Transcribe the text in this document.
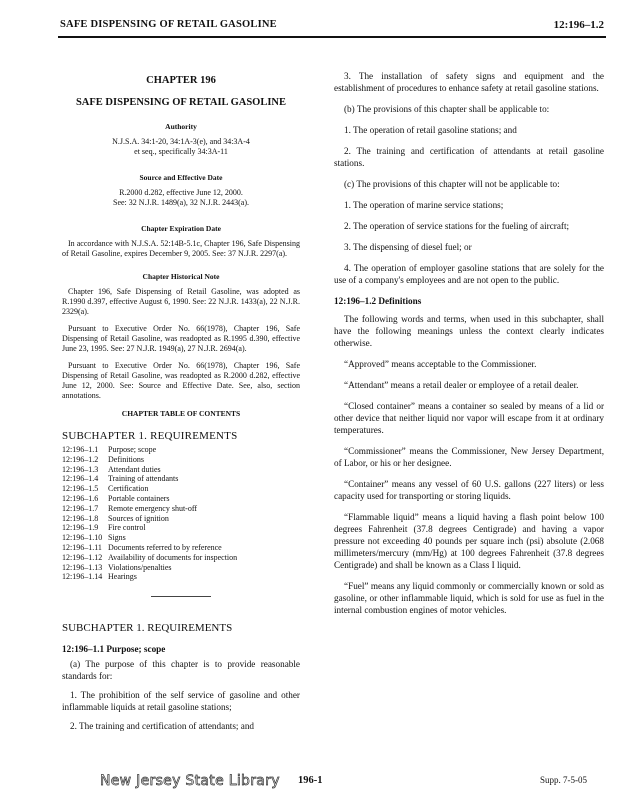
SAFE DISPENSING OF RETAIL GASOLINE	12:196–1.2
CHAPTER 196
SAFE DISPENSING OF RETAIL GASOLINE
Authority
N.J.S.A. 34:1-20, 34:1A-3(e), and 34:3A-4
et seq., specifically 34:3A-11
Source and Effective Date
R.2000 d.282, effective June 12, 2000.
See: 32 N.J.R. 1489(a), 32 N.J.R. 2443(a).
Chapter Expiration Date

In accordance with N.J.S.A. 52:14B-5.1c, Chapter 196, Safe Dispensing of Retail Gasoline, expires December 9, 2005. See: 37 N.J.R. 2297(a).

Chapter Historical Note

Chapter 196, Safe Dispensing of Retail Gasoline, was adopted as R.1990 d.397, effective August 6, 1990. See: 22 N.J.R. 1433(a), 22 N.J.R. 2329(a).

Pursuant to Executive Order No. 66(1978), Chapter 196, Safe Dispensing of Retail Gasoline, was readopted as R.1995 d.390, effective June 23, 1995. See: 27 N.J.R. 1949(a), 27 N.J.R. 2694(a).

Pursuant to Executive Order No. 66(1978), Chapter 196, Safe Dispensing of Retail Gasoline, was readopted as R.2000 d.282, effective June 12, 2000. See: Source and Effective Date. See, also, section annotations.

CHAPTER TABLE OF CONTENTS
SUBCHAPTER 1. REQUIREMENTS
12:196–1.1	Purpose; scope
12:196–1.2	Definitions
12:196–1.3	Attendant duties
12:196–1.4	Training of attendants
12:196–1.5	Certification
12:196–1.6	Portable containers
12:196–1.7	Remote emergency shut-off
12:196–1.8	Sources of ignition
12:196–1.9	Fire control
12:196–1.10	Signs
12:196–1.11	Documents referred to by reference
12:196–1.12	Availability of documents for inspection
12:196–1.13	Violations/penalties
12:196–1.14	Hearings
SUBCHAPTER 1. REQUIREMENTS
12:196–1.1 Purpose; scope

(a) The purpose of this chapter is to provide reasonable standards for:

1. The prohibition of the self service of gasoline and other inflammable liquids at retail gasoline stations;

2. The training and certification of attendants; and

3. The installation of safety signs and equipment and the establishment of procedures to enhance safety at retail gasoline stations.

(b) The provisions of this chapter shall be applicable to:

1. The operation of retail gasoline stations; and

2. The training and certification of attendants at retail gasoline stations.

(c) The provisions of this chapter will not be applicable to:

1. The operation of marine service stations;

2. The operation of service stations for the fueling of aircraft;

3. The dispensing of diesel fuel; or

4. The operation of employer gasoline stations that are solely for the use of a company's employees and are not open to the public.

12:196–1.2 Definitions

The following words and terms, when used in this subchapter, shall have the following meanings unless the context clearly indicates otherwise.

“Approved” means acceptable to the Commissioner.

“Attendant” means a retail dealer or employee of a retail dealer.

“Closed container” means a container so sealed by means of a lid or other device that neither liquid nor vapor will escape from it at ordinary temperatures.

“Commissioner” means the Commissioner, New Jersey Department, of Labor, or his or her designee.

“Container” means any vessel of 60 U.S. gallons (227 liters) or less capacity used for transporting or storing liquids.

“Flammable liquid” means a liquid having a flash point below 100 degrees Fahrenheit (37.8 degrees Centigrade) and having a vapor pressure not exceeding 40 pounds per square inch (psi) absolute (2.068 millimeters/mercury (mm/Hg) at 100 degrees Fahrenheit (37.8 degrees Centigrade) and shall be known as a Class I liquid.

“Fuel” means any liquid commonly or commercially known or sold as gasoline, or other inflammable liquid, which is sold for use as fuel in the internal combustion engines of motor vehicles.

New Jersey State Library 196-1	Supp. 7-5-05
